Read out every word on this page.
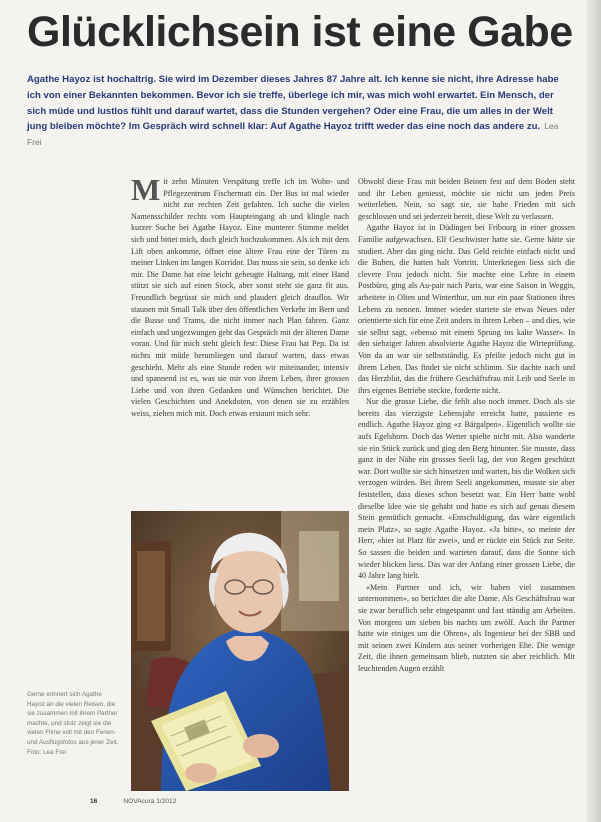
Glücklichsein ist eine Gabe

Agathe Hayoz ist hochaltrig. Sie wird im Dezember dieses Jahres 87 Jahre alt. Ich kenne sie nicht, ihre Adresse habe ich von einer Bekannten bekommen. Bevor ich sie treffe, überlege ich mir, was mich wohl erwartet. Ein Mensch, der sich müde und lustlos fühlt und darauf wartet, dass die Stunden vergehen? Oder eine Frau, die um alles in der Welt jung bleiben möchte? Im Gespräch wird schnell klar: Auf Agathe Hayoz trifft weder das eine noch das andere zu. Lea Frei

Mit zehn Minuten Verspätung treffe ich im Wohn- und Pflegezentrum Fischermatt ein. Der Bus ist mal wieder nicht zur rechten Zeit gefahren. Ich suche die vielen Namensschilder rechts vom Haupteingang ab und klingle nach kurzer Suche bei Agathe Hayoz. Eine munterer Stimme meldet sich und bittet mich, doch gleich hochzukommen. Als ich mit dem Lift oben ankomme, öffnet eine ältere Frau eine der Türen zu meiner Linken im langen Korridor. Das muss sie sein, so denke ich mir. Die Dame hat eine leicht gebeugte Haltung, mit einer Hand stützt sie sich auf einen Stock, aber sonst steht sie ganz fit aus. Freundlich begrüsst sie mich und plaudert gleich drauflos. Wir staunen mit Small Talk über den öffentlichen Verkehr im Bern und die Busse und Trams, die nicht immer nach Plan fahren. Ganz einfach und ungezwungen geht das Gespräch mit der älteren Dame voran. Und für mich steht gleich fest: Diese Frau hat Pep. Da ist nichts mit müde herumliegen und darauf warten, dass etwas geschieht. Mehr als eine Stunde reden wir miteinander, intensiv und spannend ist es, was sie mir von ihrem Leben, ihrer grossen Liebe und von ihren Gedanken und Wünschen berichtet. Die vielen Geschichten und Anekdoten, von denen sie zu erzählen weiss, ziehen mich mit. Doch etwas erstaunt mich sehr.

Obwohl diese Frau mit beiden Beinen fest auf dem Boden steht und ihr Leben geniesst, möchte sie nicht um jeden Preis weiterleben. Nein, so sagt sie, sie habe Frieden mit sich geschlossen und sei jederzeit bereit, diese Welt zu verlassen.

Agathe Hayoz ist in Düdingen bei Fribourg in einer grossen Familie aufgewachsen. Elf Geschwister hatte sie. Gerne hätte sie studiert. Aber das ging nicht. Das Geld reichte einfach nicht und die Buben, die hatten halt Vortritt. Unterkriegen liess sich die clevere Frau jedoch nicht. Sie machte eine Lehre in einem Postbüro, ging als Au-pair nach Paris, war eine Saison in Weggis, arbeitete in Olten und Winterthur, um nur ein paar Stationen ihres Lebens zu nennen. Immer wieder startete sie etwas Neues oder orientierte sich für eine Zeit anders in ihrem Leben – und dies, wie sie selbst sagt, «ebenso mit einem Sprung ins kalte Wasser». In den siebziger Jahren absolvierte Agathe Hayoz die Wirteprüfung. Von da an war sie selbstständig. Es pfeilte jedoch nicht gut in ihrem Leben. Das findet sie nicht schlimm. Sie dachte nach und das Herzblut, das die frühere Geschäftsfrau mit Leib und Seele in ihrs eigenes Betriebe steckte, forderte nicht.

Nur die grosse Liebe, die fehlt also noch immer. Doch als sie bereits das vierzigste Lebensjahr erreicht hatte, passierte es endlich. Agathe Hayoz ging «z Bärgalpen». Eigentlich wollte sie aufs Egelshorn. Doch das Wetter spielte nicht mit. Also wanderte sie ein Stück zurück und ging den Berg hinunter. Sie musste, dass ganz in der Nähe ein grosses Seeli lag, der von Regen geschützt war. Dort wollte sie sich hinsetzen und warten, bis die Wolken sich verzogen würden. Bei ihrem Seeli angekommen, musste sie aber feststellen, dass dieses schon besetzt war. Ein Herr hatte wohl dieselbe Idee wie sie gehabt und hatte es sich auf genau diesem Stein gemütlich gemacht. «Entschuldigung, das wäre eigentlich mein Platz», so sagte Agathe Hayoz. «Ja bitte», so meinte der Herr, «hier ist Platz für zwei», und er rückte ein Stück zur Seite. So sassen die beiden und warteten darauf, dass die Sonne sich wieder blicken liess. Das war der Anfang einer grossen Liebe, die 40 Jahre lang hielt.

«Mein Partner und ich, wir haben viel zusammen unternommen», so berichtet die alte Dame. Als Geschäftsfrau war sie zwar beruflich sehr eingespannt und fast ständig am Arbeiten. Von morgens um sieben bis nachts um zwölf. Auch ihr Partner hatte wie einiges um die Ohren», als Ingenieur bei der SBB und mit seinen zwei Kindern aus seiner vorherigen Ehe. Die wenige Zeit, die ihnen gemeinsam blieb, nutzten sie aber reichlich. Mit leuchtenden Augen erzählt

Gerne erinnert sich Agathe Hayoz an die vielen Reisen, die sie zusammen mit ihrem Partner machte, und stolz zeigt sie die vielen Filme voll mit den Ferien- und Ausflugsfotos aus jener Zeit. Foto: Lea Frei

16	NOVAcura 1/2012
